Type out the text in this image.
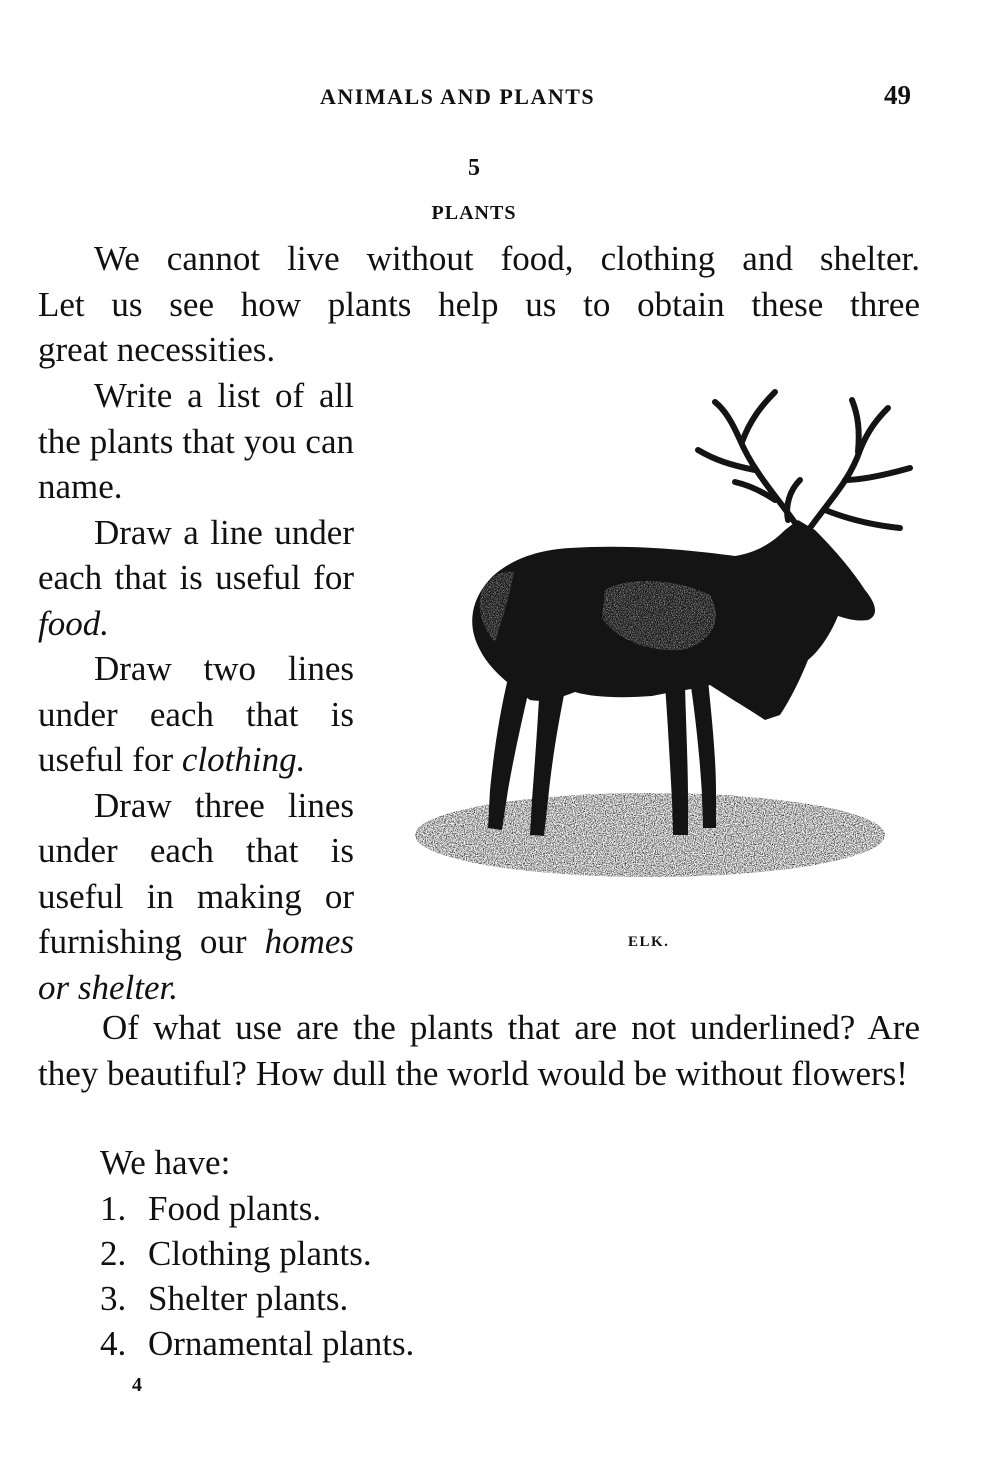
ANIMALS AND PLANTS	49
5
PLANTS
We cannot live without food, clothing and shelter.
Let us see how plants help us to obtain these three
great necessities.
Write a list of all the plants that you can name.
Draw a line under each that is useful for food.
Draw two lines under each that is useful for clothing.
Draw three lines under each that is useful in making or furnishing our homes or shelter.
ELK.
Of what use are the plants that are not underlined? Are they beautiful? How dull the world would be without flowers!
We have:
1. Food plants.
2. Clothing plants.
3. Shelter plants.
4. Ornamental plants.
4
